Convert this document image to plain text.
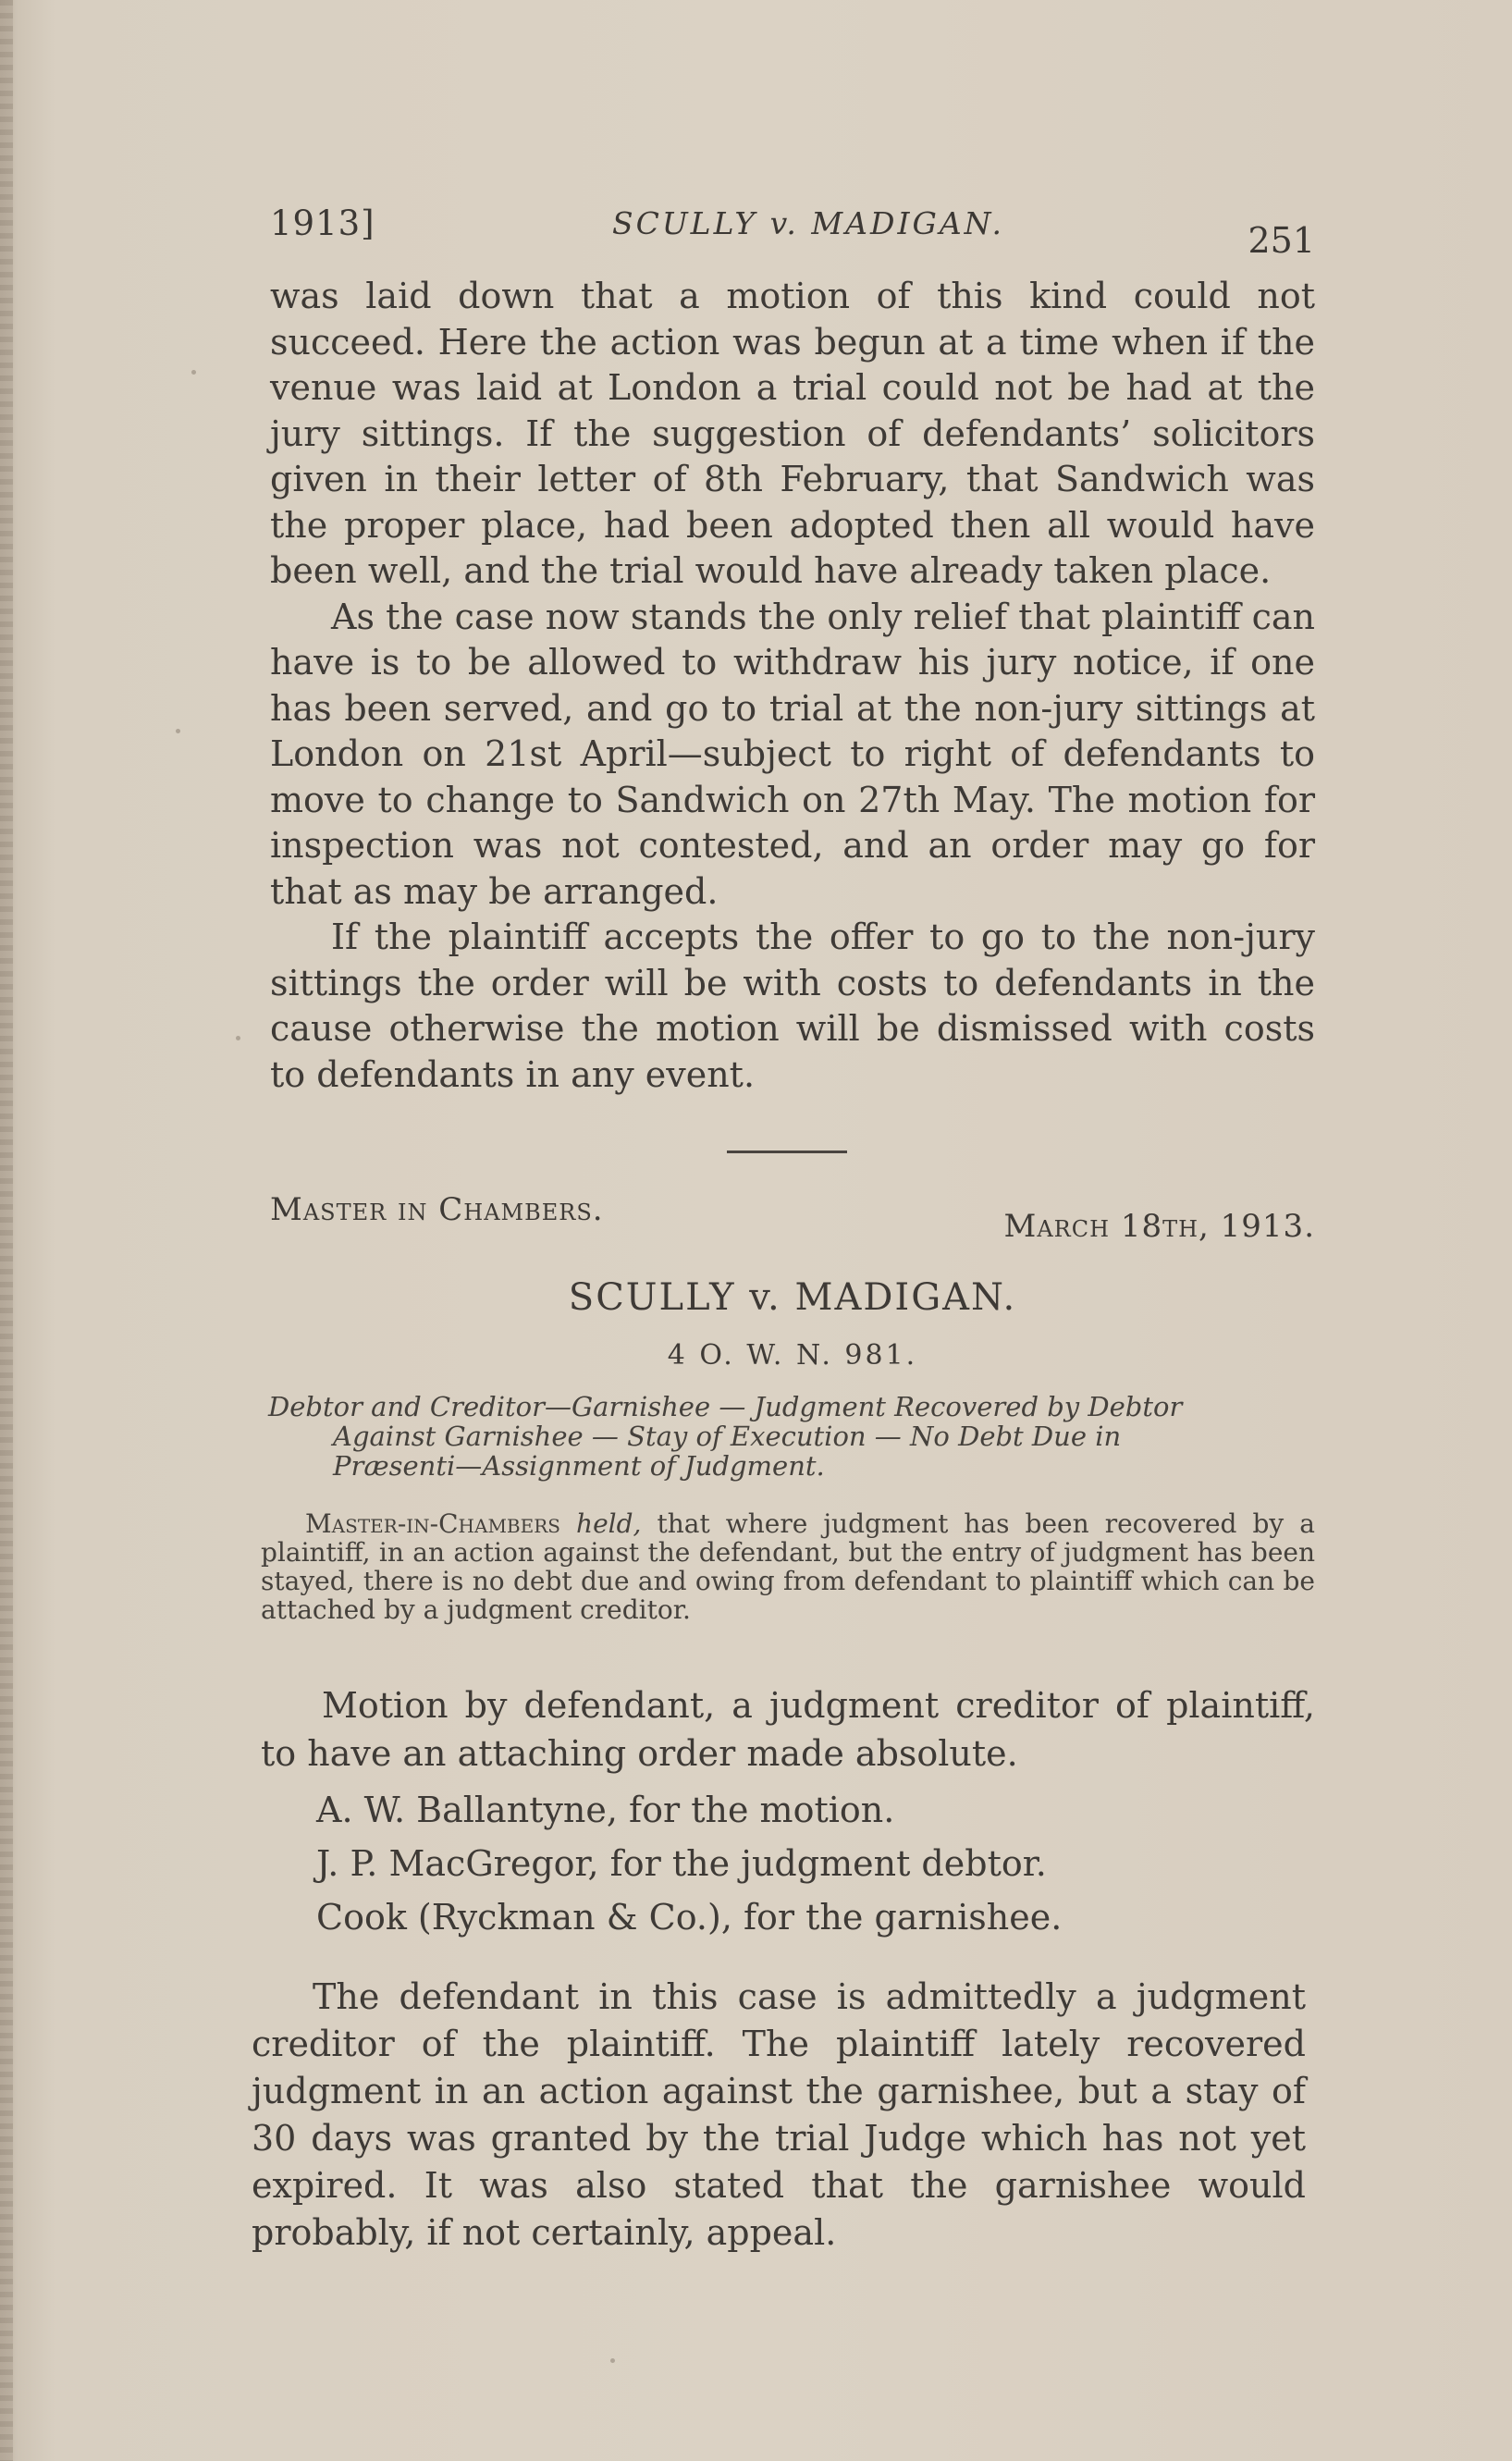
1913]	SCULLY v. MADIGAN.	251

was laid down that a motion of this kind could not succeed. Here the action was begun at a time when if the venue was laid at London a trial could not be had at the jury sittings. If the suggestion of defendants’ solicitors given in their letter of 8th February, that Sandwich was the proper place, had been adopted then all would have been well, and the trial would have already taken place.

As the case now stands the only relief that plaintiff can have is to be allowed to withdraw his jury notice, if one has been served, and go to trial at the non-jury sittings at London on 21st April—subject to right of defendants to move to change to Sandwich on 27th May. The motion for inspection was not contested, and an order may go for that as may be arranged.

If the plaintiff accepts the offer to go to the non-jury sittings the order will be with costs to defendants in the cause otherwise the motion will be dismissed with costs to defendants in any event.

Master in Chambers.	March 18th, 1913.
SCULLY v. MADIGAN.
4 O. W. N. 981.
Debtor and Creditor—Garnishee — Judgment Recovered by Debtor
Against Garnishee — Stay of Execution — No Debt Due in
Præsenti—Assignment of Judgment.
Master-in-Chambers held, that where judgment has been recovered by a plaintiff, in an action against the defendant, but the entry of judgment has been stayed, there is no debt due and owing from defendant to plaintiff which can be attached by a judgment creditor.

Motion by defendant, a judgment creditor of plaintiff, to have an attaching order made absolute.

A. W. Ballantyne, for the motion.
J. P. MacGregor, for the judgment debtor.
Cook (Ryckman & Co.), for the garnishee.

The defendant in this case is admittedly a judgment creditor of the plaintiff. The plaintiff lately recovered judgment in an action against the garnishee, but a stay of 30 days was granted by the trial Judge which has not yet expired. It was also stated that the garnishee would probably, if not certainly, appeal.
